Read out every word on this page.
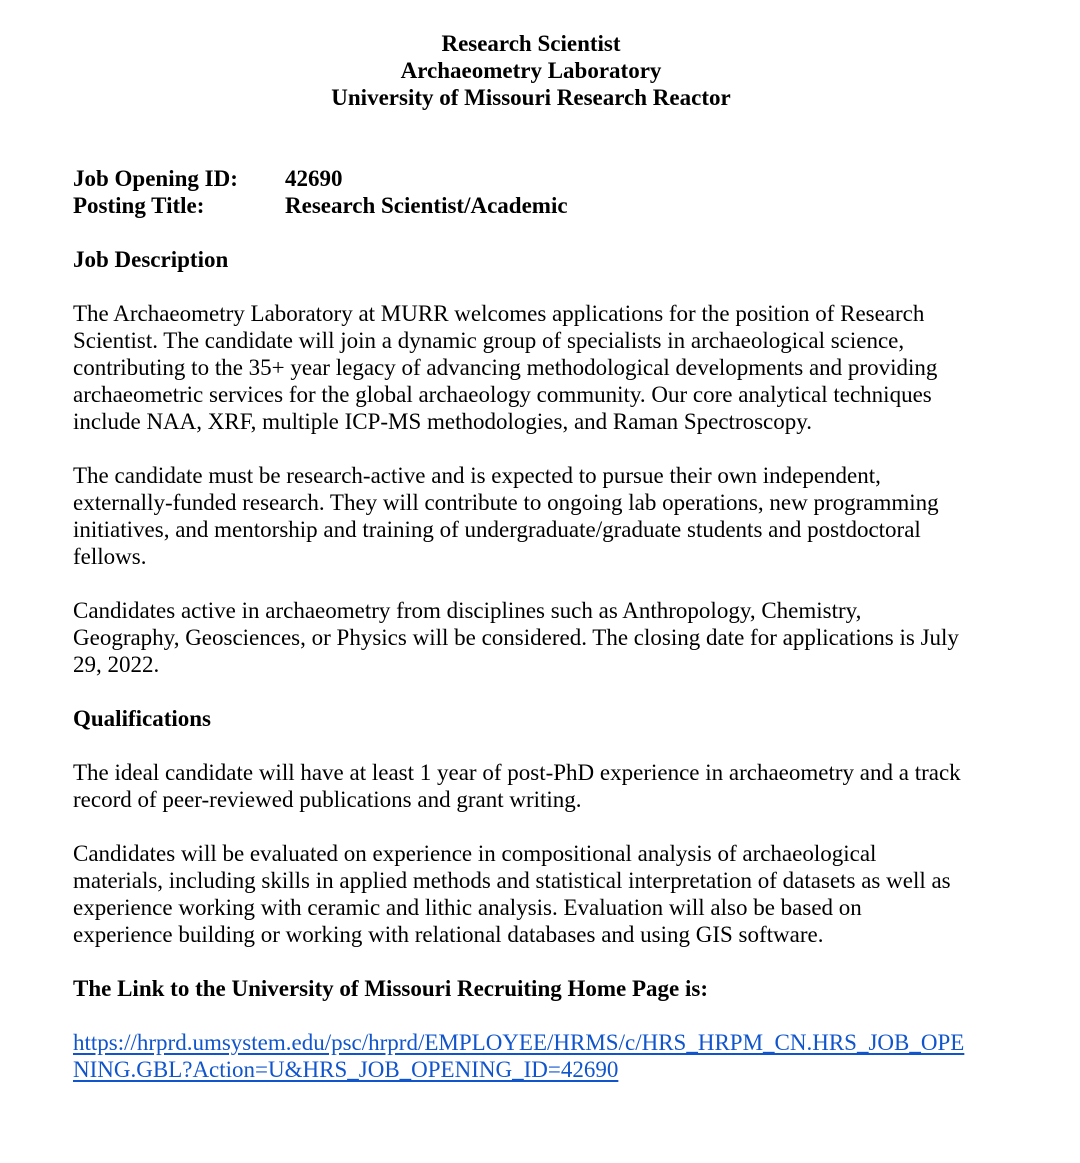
Research Scientist
Archaeometry Laboratory
University of Missouri Research Reactor
Job Opening ID:	42690
Posting Title:	Research Scientist/Academic
Job Description

The Archaeometry Laboratory at MURR welcomes applications for the position of Research
Scientist. The candidate will join a dynamic group of specialists in archaeological science,
contributing to the 35+ year legacy of advancing methodological developments and providing
archaeometric services for the global archaeology community. Our core analytical techniques
include NAA, XRF, multiple ICP-MS methodologies, and Raman Spectroscopy.

The candidate must be research-active and is expected to pursue their own independent,
externally-funded research. They will contribute to ongoing lab operations, new programming
initiatives, and mentorship and training of undergraduate/graduate students and postdoctoral
fellows.

Candidates active in archaeometry from disciplines such as Anthropology, Chemistry,
Geography, Geosciences, or Physics will be considered. The closing date for applications is July
29, 2022.

Qualifications

The ideal candidate will have at least 1 year of post-PhD experience in archaeometry and a track
record of peer-reviewed publications and grant writing.

Candidates will be evaluated on experience in compositional analysis of archaeological
materials, including skills in applied methods and statistical interpretation of datasets as well as
experience working with ceramic and lithic analysis. Evaluation will also be based on
experience building or working with relational databases and using GIS software.

The Link to the University of Missouri Recruiting Home Page is:
https://hrprd.umsystem.edu/psc/hrprd/EMPLOYEE/HRMS/c/HRS_HRPM_CN.HRS_JOB_OPE
NING.GBL?Action=U&HRS_JOB_OPENING_ID=42690
